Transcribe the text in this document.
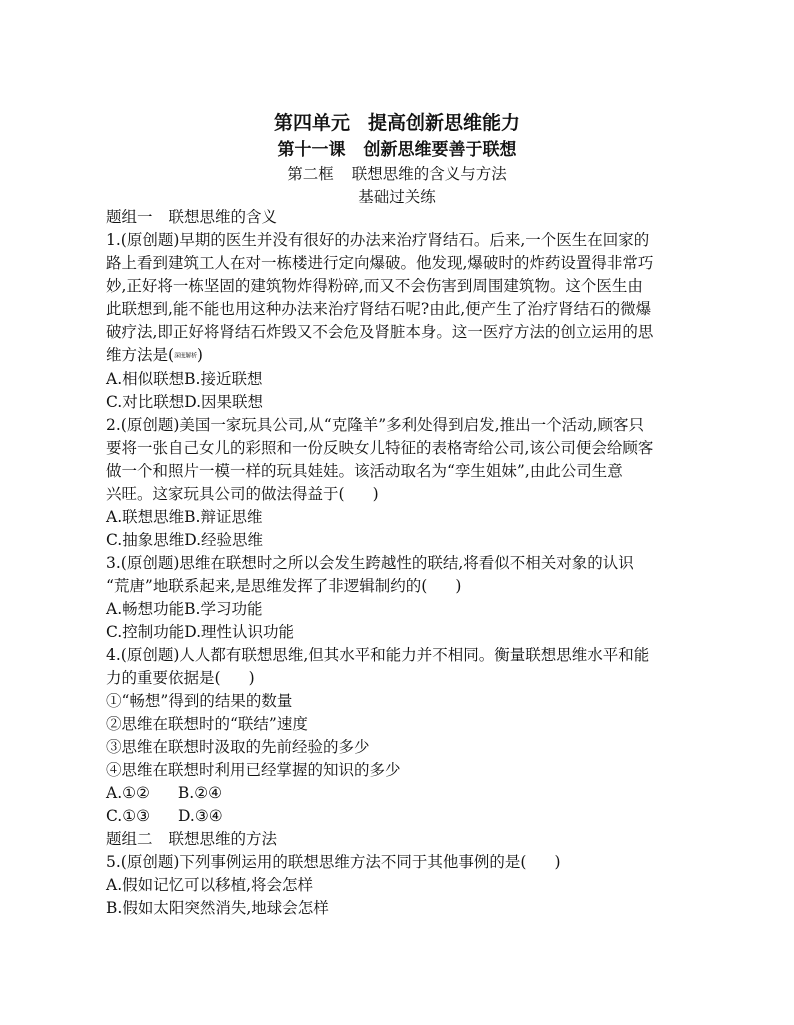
第四单元 提高创新思维能力

第十一课 创新思维要善于联想

第二框 联想思维的含义与方法

基础过关练

题组一 联想思维的含义
1.(原创题)早期的医生并没有很好的办法来治疗肾结石。后来,一个医生在回家的
路上看到建筑工人在对一栋楼进行定向爆破。他发现,爆破时的炸药设置得非常巧
妙,正好将一栋坚固的建筑物炸得粉碎,而又不会伤害到周围建筑物。这个医生由
此联想到,能不能也用这种办法来治疗肾结石呢?由此,便产生了治疗肾结石的微爆
破疗法,即正好将肾结石炸毁又不会危及肾脏本身。这一医疗方法的创立运用的思
维方法是(深度解析)
A.相似联想B.接近联想
C.对比联想D.因果联想
2.(原创题)美国一家玩具公司,从“克隆羊”多利处得到启发,推出一个活动,顾客只
要将一张自己女儿的彩照和一份反映女儿特征的表格寄给公司,该公司便会给顾客
做一个和照片一模一样的玩具娃娃。该活动取名为“孪生姐妹”,由此公司生意
兴旺。这家玩具公司的做法得益于( )
A.联想思维B.辩证思维
C.抽象思维D.经验思维
3.(原创题)思维在联想时之所以会发生跨越性的联结,将看似不相关对象的认识
“荒唐”地联系起来,是思维发挥了非逻辑制约的( )
A.畅想功能B.学习功能
C.控制功能D.理性认识功能
4.(原创题)人人都有联想思维,但其水平和能力并不相同。衡量联想思维水平和能
力的重要依据是( )
①“畅想”得到的结果的数量
②思维在联想时的“联结”速度
③思维在联想时汲取的先前经验的多少
④思维在联想时利用已经掌握的知识的多少
A.①② B.②④
C.①③ D.③④
题组二 联想思维的方法
5.(原创题)下列事例运用的联想思维方法不同于其他事例的是( )
A.假如记忆可以移植,将会怎样
B.假如太阳突然消失,地球会怎样
